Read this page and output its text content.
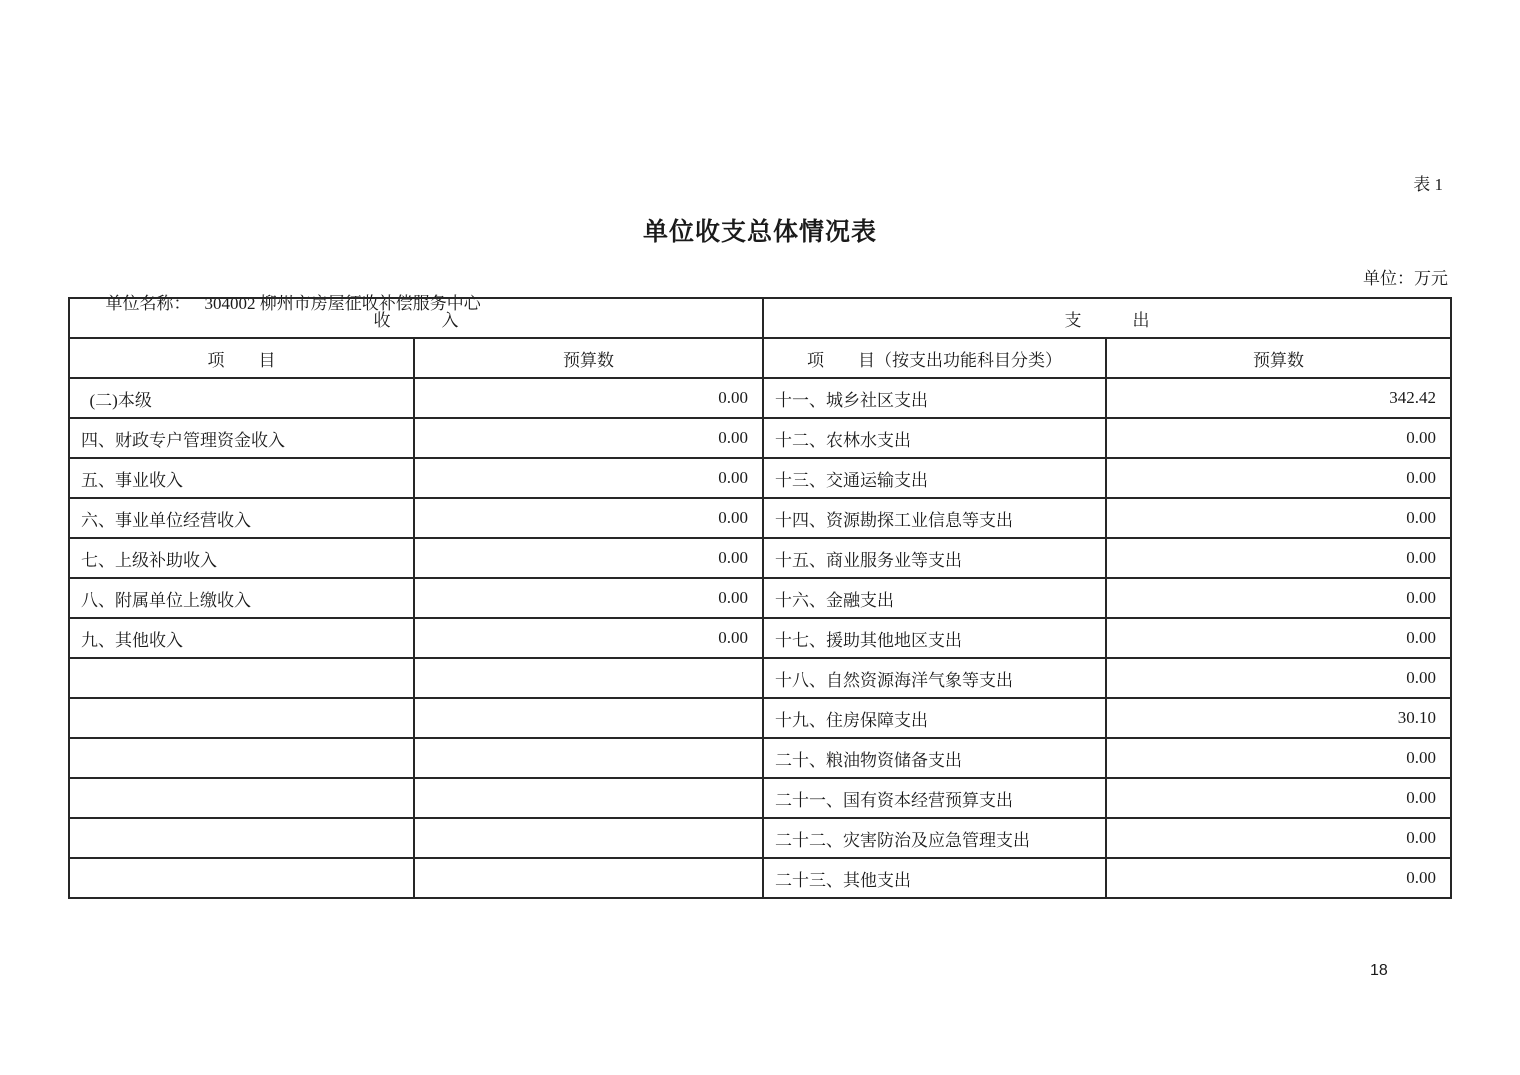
表 1
单位收支总体情况表

单位名称： 304002 柳州市房屋征收补偿服务中心

单位：万元
收　　　入		支　　　出	
项　　目	预算数	项　　目（按支出功能科目分类）	预算数
(二)本级	0.00	十一、城乡社区支出	342.42
四、财政专户管理资金收入	0.00	十二、农林水支出	0.00
五、事业收入	0.00	十三、交通运输支出	0.00
六、事业单位经营收入	0.00	十四、资源勘探工业信息等支出	0.00
七、上级补助收入	0.00	十五、商业服务业等支出	0.00
八、附属单位上缴收入	0.00	十六、金融支出	0.00
九、其他收入	0.00	十七、援助其他地区支出	0.00
		十八、自然资源海洋气象等支出	0.00
		十九、住房保障支出	30.10
		二十、粮油物资储备支出	0.00
		二十一、国有资本经营预算支出	0.00
		二十二、灾害防治及应急管理支出	0.00
		二十三、其他支出	0.00
18
